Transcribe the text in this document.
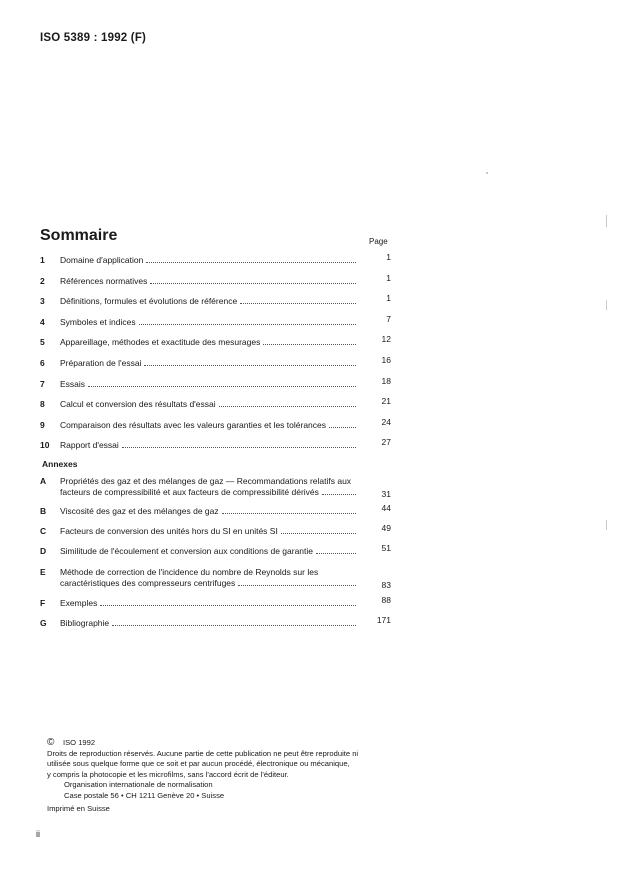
ISO 5389 : 1992 (F)
Sommaire	Page
1	Domaine d'application	1
2	Références normatives	1
3	Définitions, formules et évolutions de référence	1
4	Symboles et indices	7
5	Appareillage, méthodes et exactitude des mesurages	12
6	Préparation de l'essai	16
7	Essais	18
8	Calcul et conversion des résultats d'essai	21
9	Comparaison des résultats avec les valeurs garanties et les tolérances	24
10	Rapport d'essai	27
Annexes
A	Propriétés des gaz et des mélanges de gaz — Recommandations relatifs aux
facteurs de compressibilité et aux facteurs de compressibilité dérivés	31
B	Viscosité des gaz et des mélanges de gaz	44
C	Facteurs de conversion des unités hors du SI en unités SI	49
D	Similitude de l'écoulement et conversion aux conditions de garantie	51
E	Méthode de correction de l'incidence du nombre de Reynolds sur les
caractéristiques des compresseurs centrifuges	83
F	Exemples	88
G	Bibliographie	171
© ISO 1992
Droits de reproduction réservés. Aucune partie de cette publication ne peut être reproduite ni
utilisée sous quelque forme que ce soit et par aucun procédé, électronique ou mécanique,
y compris la photocopie et les microfilms, sans l'accord écrit de l'éditeur.
Organisation internationale de normalisation
Case postale 56 • CH 1211 Genève 20 • Suisse
Imprimé en Suisse
ii
